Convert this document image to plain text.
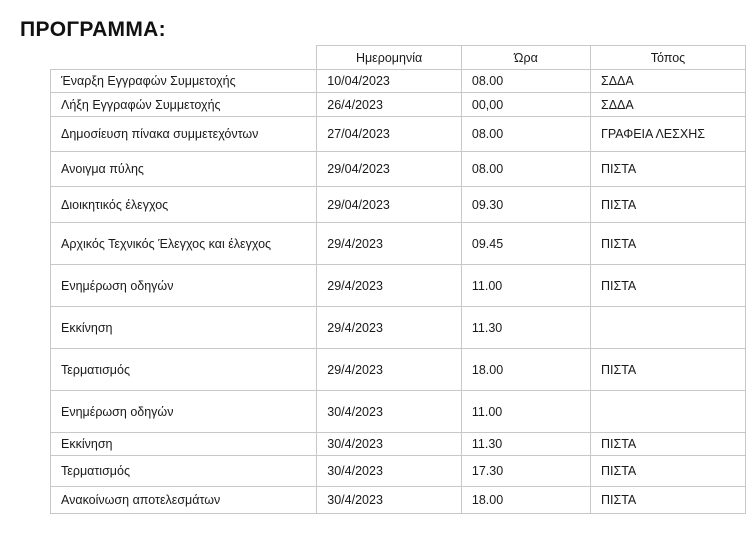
ΠΡΟΓΡΑΜΜΑ:
	Ημερομηνία	Ώρα	Τόπος
Έναρξη Εγγραφών Συμμετοχής	10/04/2023	08.00	ΣΔΔΑ
Λήξη Εγγραφών Συμμετοχής	26/4/2023	00,00	ΣΔΔΑ
Δημοσίευση πίνακα συμμετεχόντων	27/04/2023	08.00	ΓΡΑΦΕΙΑ ΛΕΣΧΗΣ
Ανοιγμα πύλης	29/04/2023	08.00	ΠΙΣΤΑ
Διοικητικός έλεγχος	29/04/2023	09.30	ΠΙΣΤΑ
Αρχικός Τεχνικός Έλεγχος και έλεγχος	29/4/2023	09.45	ΠΙΣΤΑ
Ενημέρωση οδηγών	29/4/2023	11.00	ΠΙΣΤΑ
Εκκίνηση	29/4/2023	11.30	
Τερματισμός	29/4/2023	18.00	ΠΙΣΤΑ
Ενημέρωση οδηγών	30/4/2023	11.00	
Εκκίνηση	30/4/2023	11.30	ΠΙΣΤΑ
Τερματισμός	30/4/2023	17.30	ΠΙΣΤΑ
Ανακοίνωση αποτελεσμάτων	30/4/2023	18.00	ΠΙΣΤΑ
